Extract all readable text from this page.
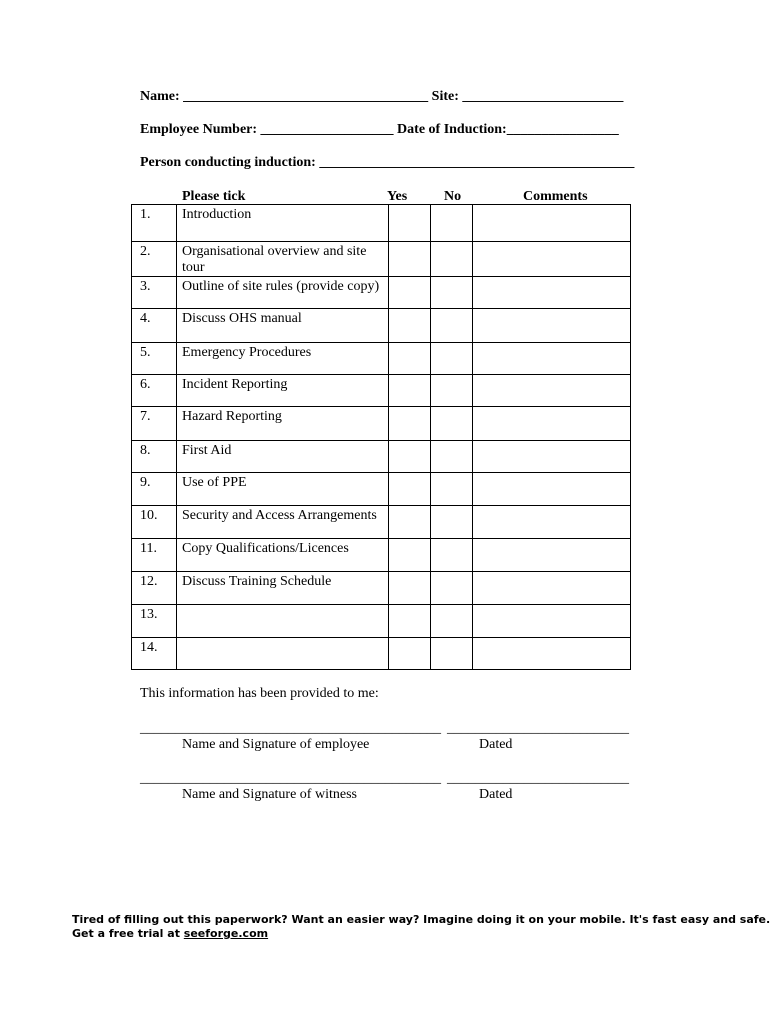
Name: ___________________________________ Site: _______________________
Employee Number: ___________________ Date of Induction:________________
Person conducting induction: _____________________________________________
Please tick	Yes	No	Comments
1.	Introduction			
2.	Organisational overview and site tour			
3.	Outline of site rules (provide copy)			
4.	Discuss OHS manual			
5.	Emergency Procedures			
6.	Incident Reporting			
7.	Hazard Reporting			
8.	First Aid			
9.	Use of PPE			
10.	Security and Access Arrangements			
11.	Copy Qualifications/Licences			
12.	Discuss Training Schedule			
13.				
14.				
This information has been provided to me:
___________________________________________ __________________________
Name and Signature of employee	Dated
___________________________________________ __________________________
Name and Signature of witness	Dated
Tired of filling out this paperwork? Want an easier way? Imagine doing it on your mobile. It's fast easy and safe.
Get a free trial at seeforge.com
